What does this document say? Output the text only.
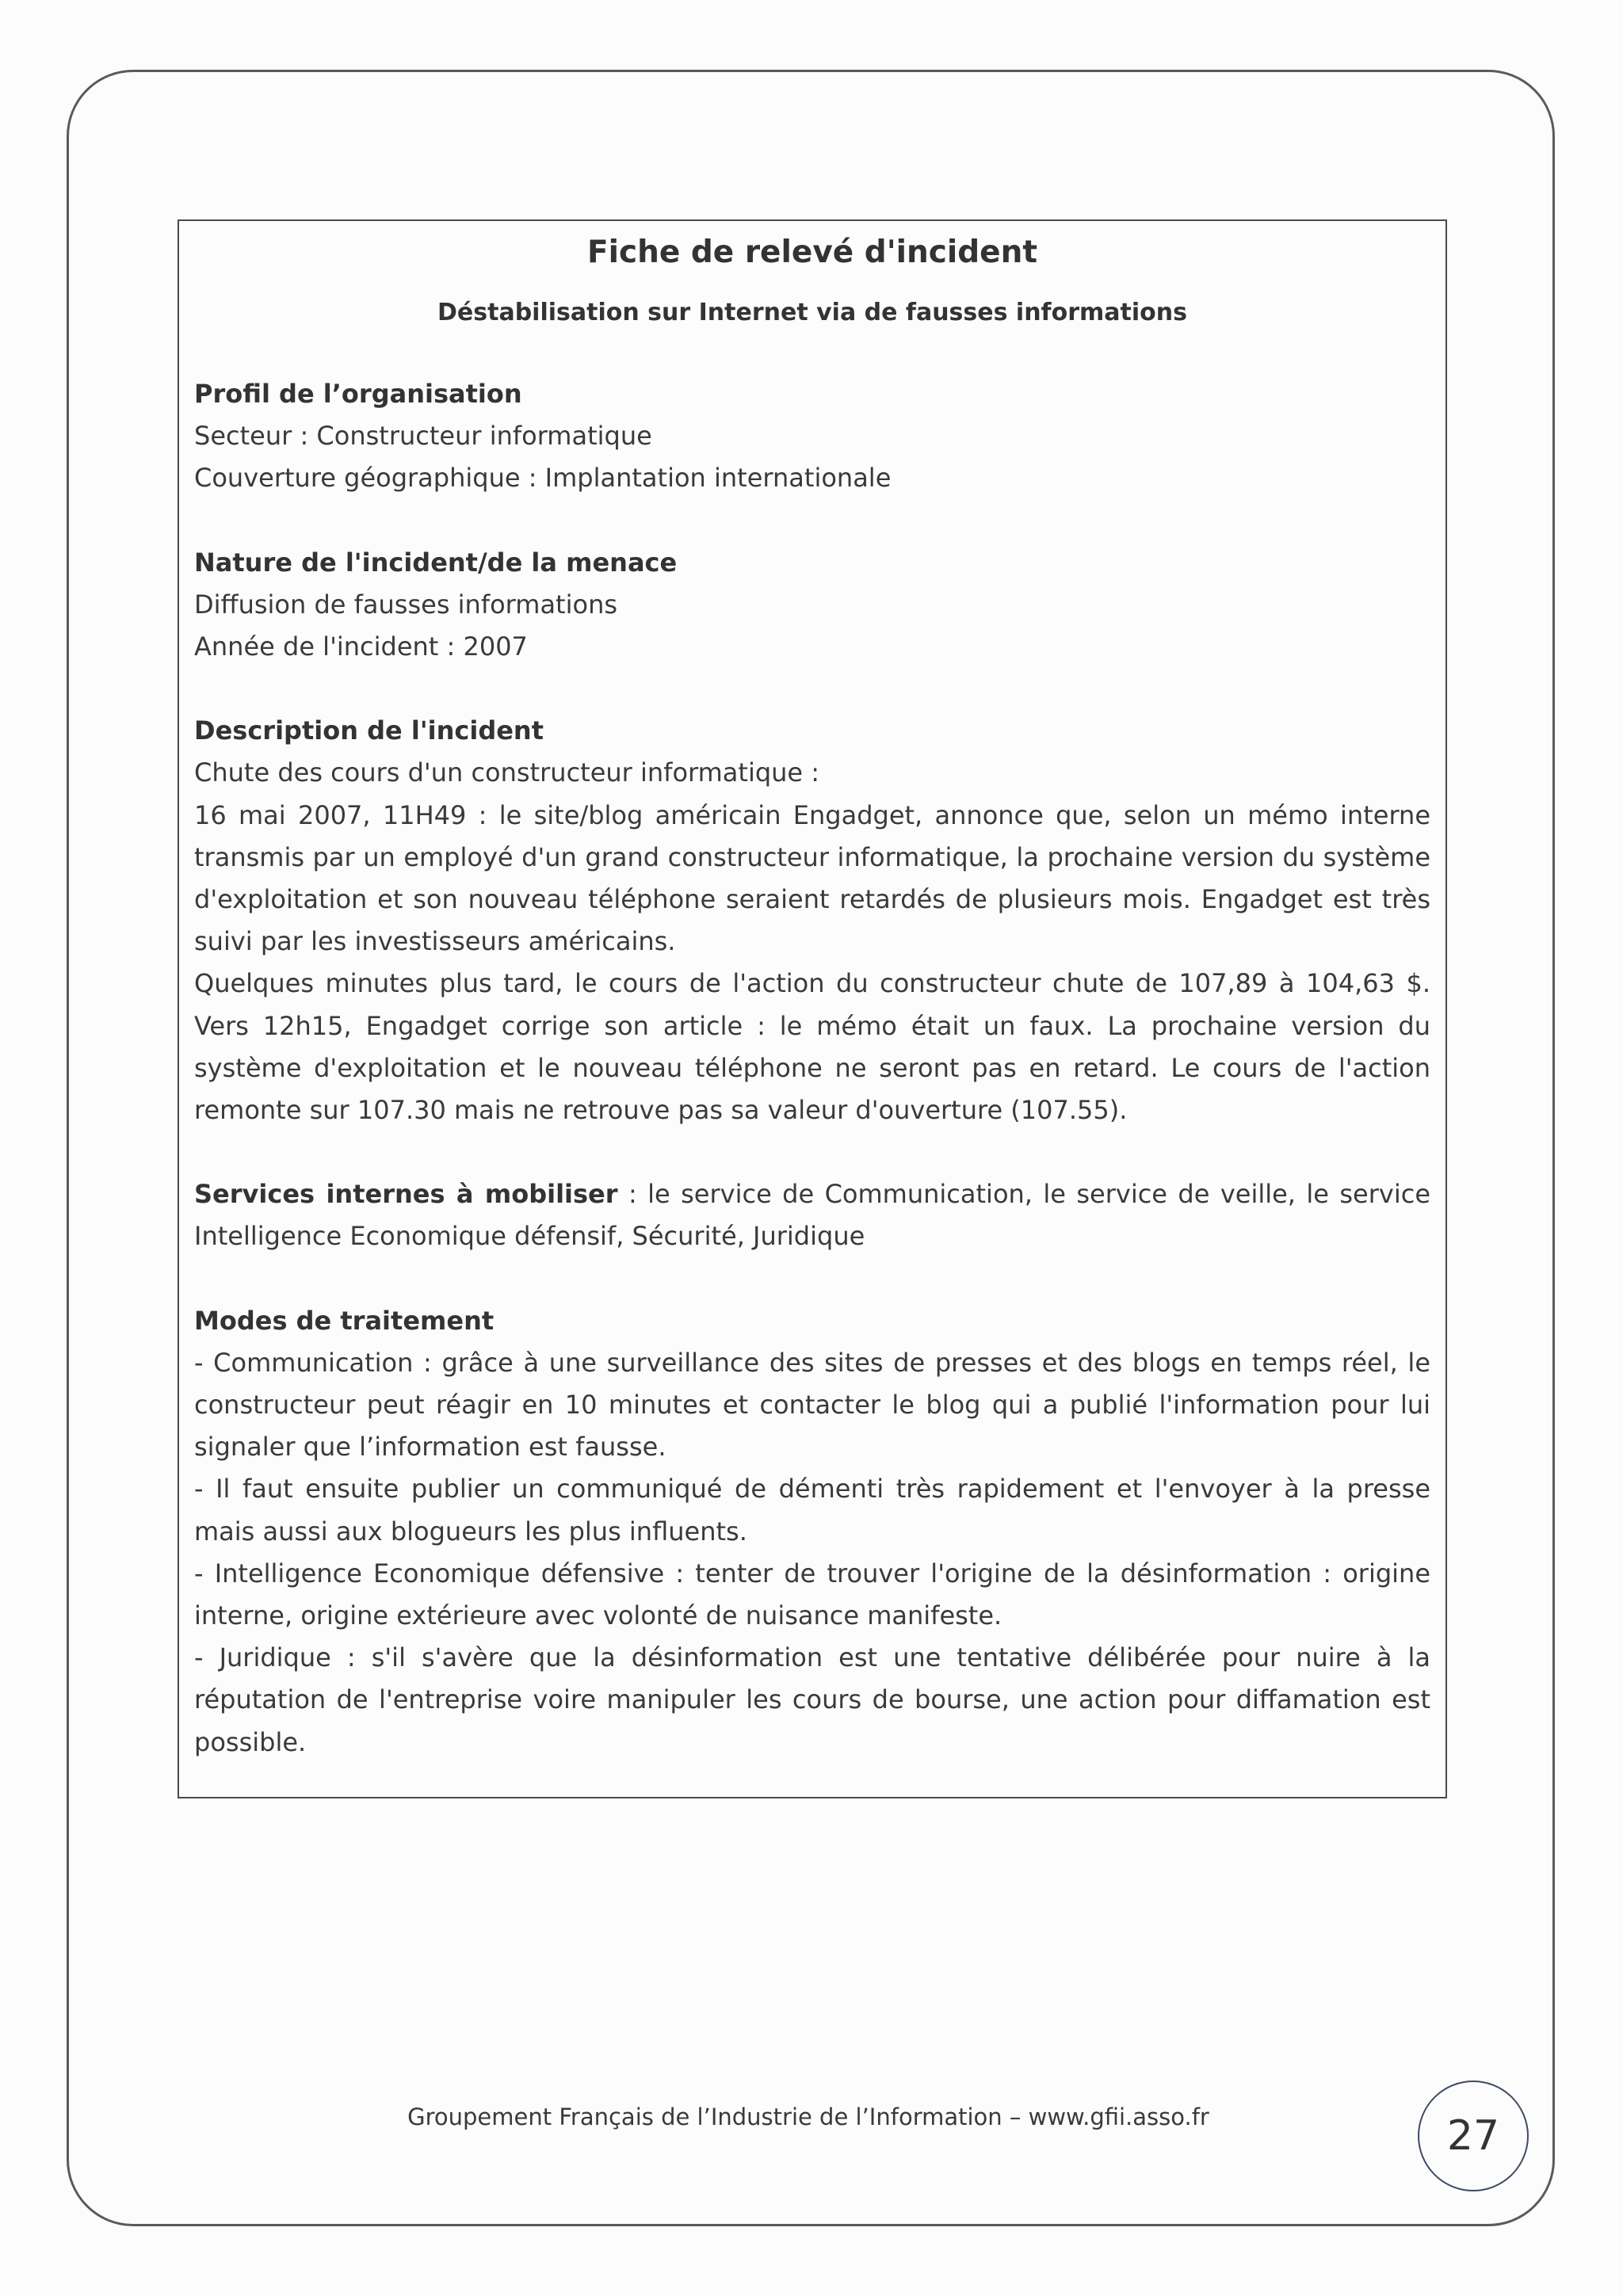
Fiche de relevé d'incident
Déstabilisation sur Internet via de fausses informations
Profil de l’organisation
Secteur : Constructeur informatique
Couverture géographique : Implantation internationale
Nature de l'incident/de la menace
Diffusion de fausses informations
Année de l'incident : 2007
Description de l'incident
Chute des cours d'un constructeur informatique :

16 mai 2007, 11H49 : le site/blog américain Engadget, annonce que, selon un mémo interne transmis par un employé d'un grand constructeur informatique, la prochaine version du système d'exploitation et son nouveau téléphone seraient retardés de plusieurs mois. Engadget est très suivi par les investisseurs américains.

Quelques minutes plus tard, le cours de l'action du constructeur chute de 107,89 à 104,63 $. Vers 12h15, Engadget corrige son article : le mémo était un faux. La prochaine version du système d'exploitation et le nouveau téléphone ne seront pas en retard. Le cours de l'action remonte sur 107.30 mais ne retrouve pas sa valeur d'ouverture (107.55).

Services internes à mobiliser : le service de Communication, le service de veille, le service Intelligence Economique défensif, Sécurité, Juridique

Modes de traitement

- Communication : grâce à une surveillance des sites de presses et des blogs en temps réel, le constructeur peut réagir en 10 minutes et contacter le blog qui a publié l'information pour lui signaler que l’information est fausse.

- Il faut ensuite publier un communiqué de démenti très rapidement et l'envoyer à la presse mais aussi aux blogueurs les plus influents.

- Intelligence Economique défensive : tenter de trouver l'origine de la désinformation : origine interne, origine extérieure avec volonté de nuisance manifeste.

- Juridique : s'il s'avère que la désinformation est une tentative délibérée pour nuire à la réputation de l'entreprise voire manipuler les cours de bourse, une action pour diffamation est possible.

Groupement Français de l’Industrie de l’Information – www.gfii.asso.fr	27
